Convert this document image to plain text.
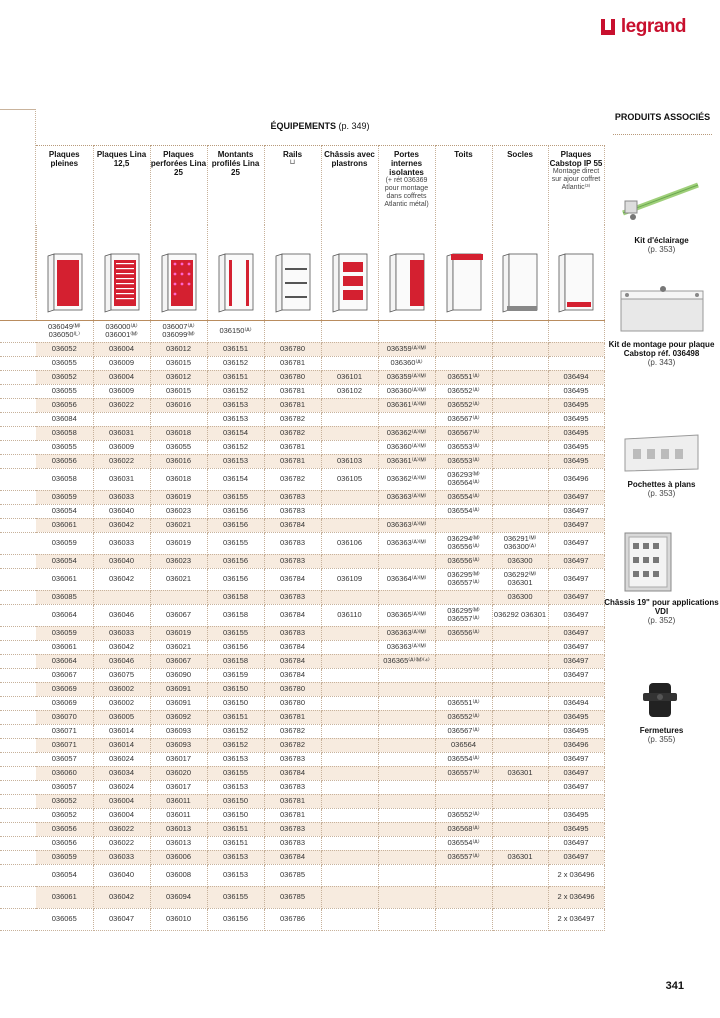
legrand
	ÉQUIPEMENTS (p. 349)									
	Plaques pleines	Plaques Lina 12,5	Plaques perforées Lina 25	Montants profilés Lina 25	Rails
⊔	Châssis avec plastrons	Portes internes isolantes
(+ rét 036369 pour montage dans coffrets Atlantic métal)	Toits	Socles	Plaques Cabstop IP 55
Montage direct sur ajour coffret Atlantic⁽³⁾

	036049⁽ᴹ⁾ 036050⁽ᴸ⁾	036000⁽ᴬ⁾ 036001⁽ᴹ⁾	036007⁽ᴬ⁾ 036099⁽ᴹ⁾	036150⁽ᴬ⁾						
	036052	036004	036012	036151	036780		036359⁽ᴬ⁾⁽ᴹ⁾			
	036055	036009	036015	036152	036781		036360⁽ᴬ⁾			
	036052	036004	036012	036151	036780	036101	036359⁽ᴬ⁾⁽ᴹ⁾	036551⁽ᴬ⁾		036494
	036055	036009	036015	036152	036781	036102	036360⁽ᴬ⁾⁽ᴹ⁾	036552⁽ᴬ⁾		036495
	036056	036022	036016	036153	036781		036361⁽ᴬ⁾⁽ᴹ⁾	036552⁽ᴬ⁾		036495
	036084			036153	036782			036567⁽ᴬ⁾		036495
	036058	036031	036018	036154	036782		036362⁽ᴬ⁾⁽ᴹ⁾	036567⁽ᴬ⁾		036495
	036055	036009	036055	036152	036781		036360⁽ᴬ⁾⁽ᴹ⁾	036553⁽ᴬ⁾		036495
	036056	036022	036016	036153	036781	036103	036361⁽ᴬ⁾⁽ᴹ⁾	036553⁽ᴬ⁾		036495
	036058	036031	036018	036154	036782	036105	036362⁽ᴬ⁾⁽ᴹ⁾	036293⁽ᴹ⁾ 036564⁽ᴬ⁾		036496
	036059	036033	036019	036155	036783		036363⁽ᴬ⁾⁽ᴹ⁾	036554⁽ᴬ⁾		036497
	036054	036040	036023	036156	036783			036554⁽ᴬ⁾		036497
	036061	036042	036021	036156	036784		036363⁽ᴬ⁾⁽ᴹ⁾			036497
	036059	036033	036019	036155	036783	036106	036363⁽ᴬ⁾⁽ᴹ⁾	036294⁽ᴹ⁾ 036556⁽ᴬ⁾	036291⁽ᴹ⁾ 036300⁽ᴬ⁾	036497
	036054	036040	036023	036156	036783			036556⁽ᴬ⁾	036300	036497
	036061	036042	036021	036156	036784	036109	036364⁽ᴬ⁾⁽ᴹ⁾	036295⁽ᴹ⁾ 036557⁽ᴬ⁾	036292⁽ᴹ⁾ 036301	036497
	036085			036158	036783				036300	036497
	036064	036046	036067	036158	036784	036110	036365⁽ᴬ⁾⁽ᴹ⁾	036295⁽ᴹ⁾ 036557⁽ᴬ⁾	036292 036301	036497
	036059	036033	036019	036155	036783		036363⁽ᴬ⁾⁽ᴹ⁾	036556⁽ᴬ⁾		036497
	036061	036042	036021	036156	036784		036363⁽ᴬ⁾⁽ᴹ⁾			036497
	036064	036046	036067	036158	036784		036365⁽ᴬ⁾⁽ᴹ⁾⁽⁴⁾			036497
	036067	036075	036090	036159	036784					036497
	036069	036002	036091	036150	036780					
	036069	036002	036091	036150	036780			036551⁽ᴬ⁾		036494
	036070	036005	036092	036151	036781			036552⁽ᴬ⁾		036495
	036071	036014	036093	036152	036782			036567⁽ᴬ⁾		036495
	036071	036014	036093	036152	036782			036564		036496
	036057	036024	036017	036153	036783			036554⁽ᴬ⁾		036497
	036060	036034	036020	036155	036784			036557⁽ᴬ⁾	036301	036497
	036057	036024	036017	036153	036783					036497
	036052	036004	036011	036150	036781					
	036052	036004	036011	036150	036781			036552⁽ᴬ⁾		036495
	036056	036022	036013	036151	036783			036568⁽ᴬ⁾		036495
	036056	036022	036013	036151	036783			036554⁽ᴬ⁾		036497
	036059	036033	036006	036153	036784			036557⁽ᴬ⁾	036301	036497
	036054	036040	036008	036153	036785					2 x 036496
	036061	036042	036094	036155	036785					2 x 036496
	036065	036047	036010	036156	036786					2 x 036497
PRODUITS ASSOCIÉS
Kit d'éclairage
(p. 353)
Kit de montage pour plaque Cabstop réf. 036498
(p. 343)
Pochettes à plans
(p. 353)
Châssis 19" pour applications VDI
(p. 352)
Fermetures
(p. 355)
341
